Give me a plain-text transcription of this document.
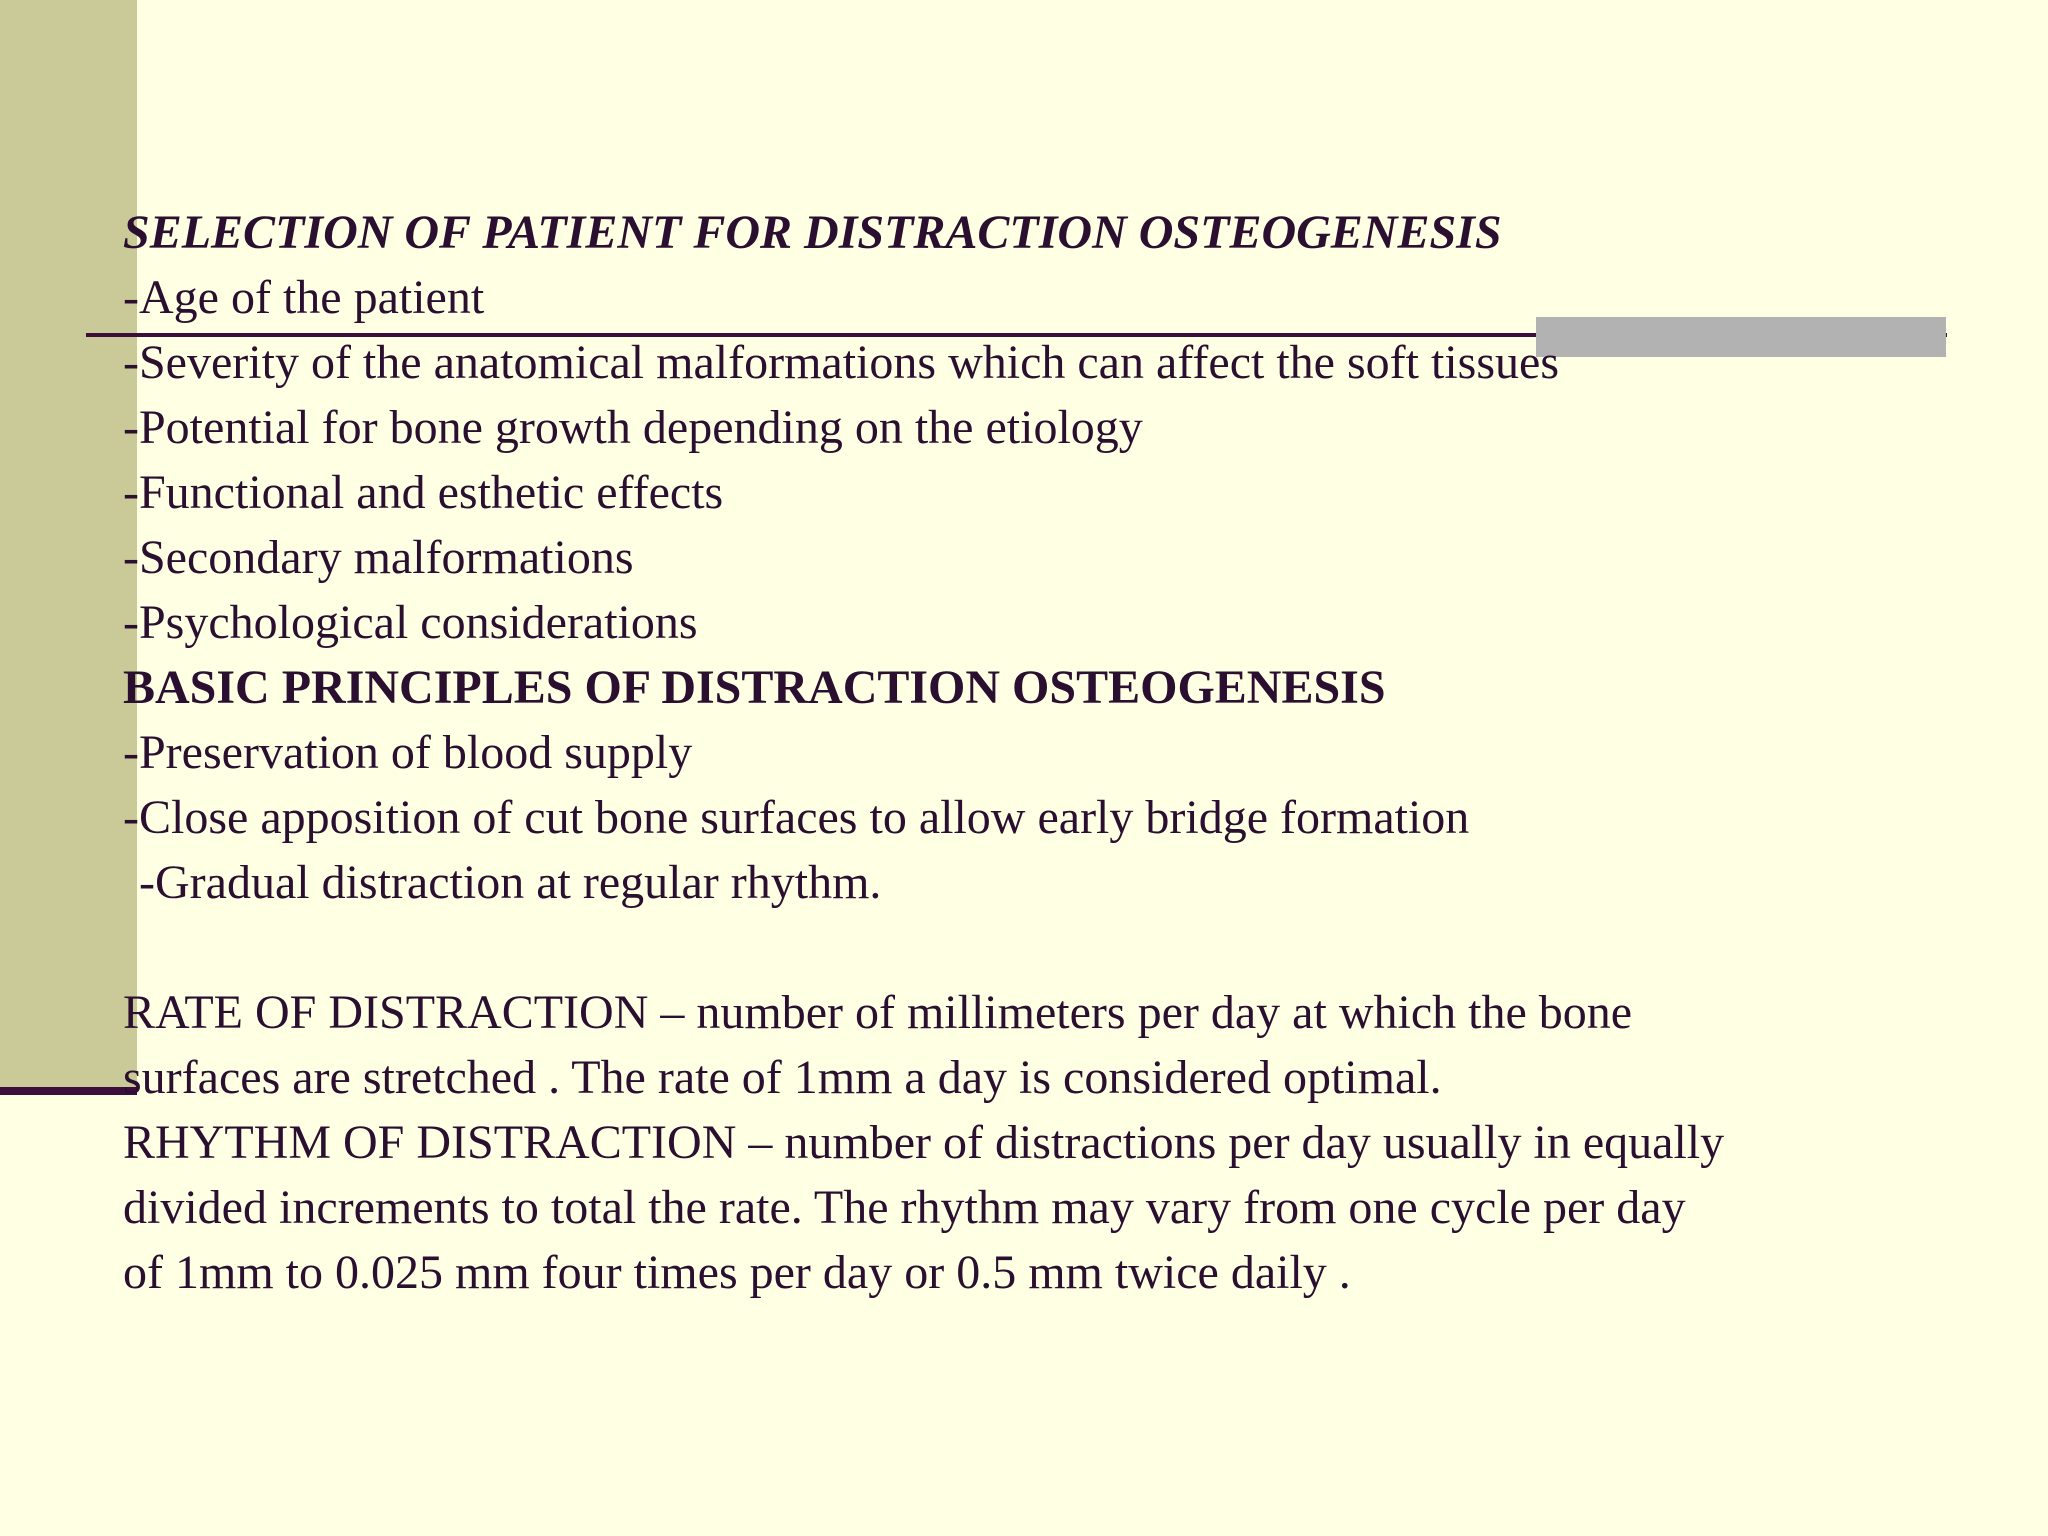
SELECTION OF PATIENT FOR DISTRACTION OSTEOGENESIS
-Age of the patient
-Severity of the anatomical malformations which can affect the soft tissues
-Potential for bone growth depending on the etiology
-Functional and esthetic effects
-Secondary malformations
-Psychological considerations
BASIC PRINCIPLES OF DISTRACTION OSTEOGENESIS
-Preservation of blood supply
-Close apposition of cut bone surfaces to allow early bridge formation
-Gradual distraction at regular rhythm.
RATE OF DISTRACTION – number of millimeters per day at which the bone
surfaces are stretched . The rate of 1mm a day is considered optimal.
RHYTHM OF DISTRACTION – number of distractions per day usually in equally
divided increments to total the rate. The rhythm may vary from one cycle per day
of 1mm to 0.025 mm four times per day or 0.5 mm twice daily .
